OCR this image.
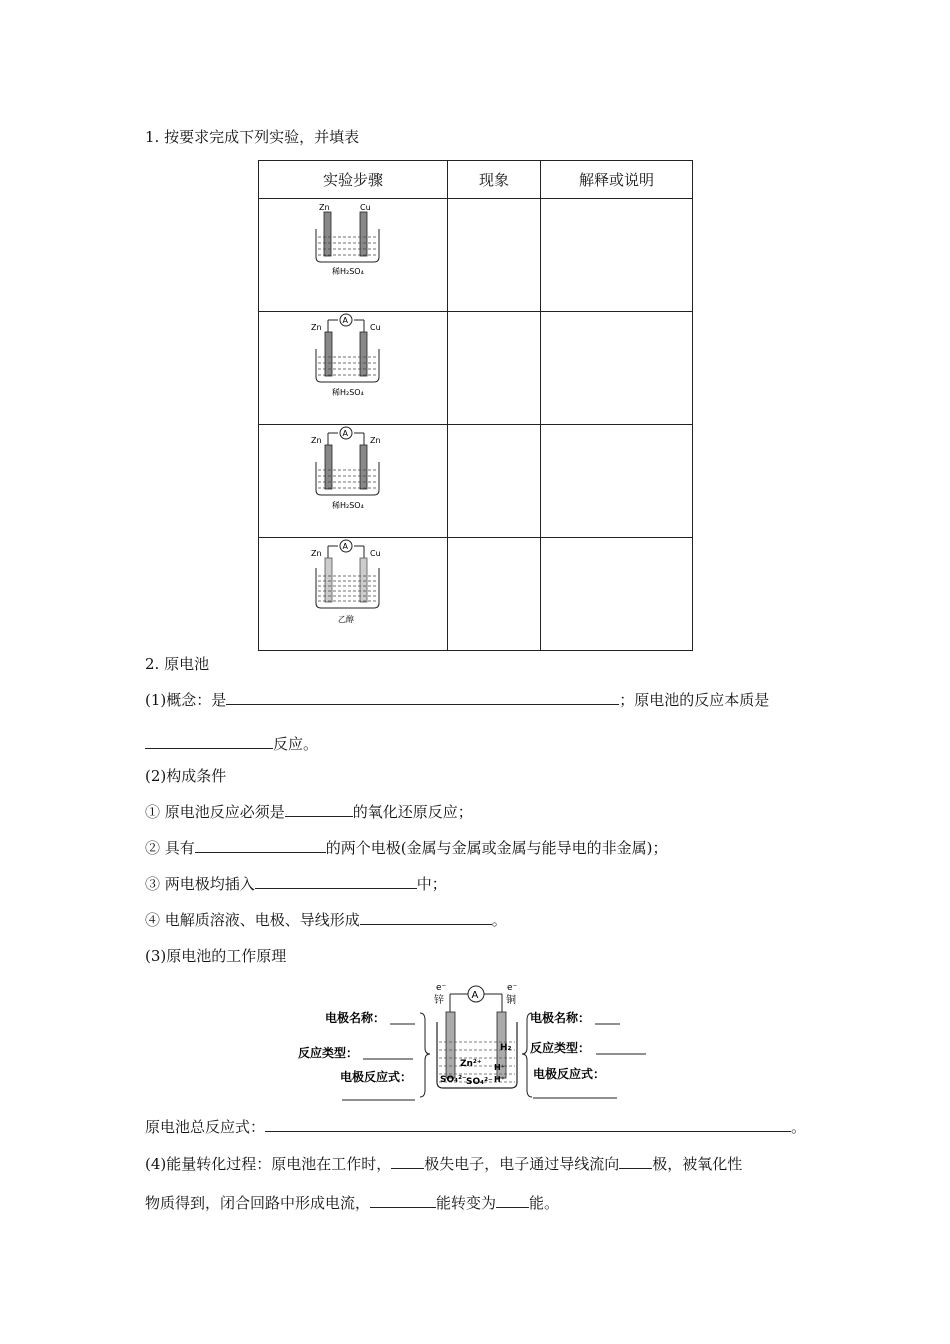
1. 按要求完成下列实验，并填表
实验步骤	现象	解释或说明

Zn Cu
稀H₂SO₄		

A
Zn Cu
稀H₂SO₄		

A
Zn Zn
稀H₂SO₄		

A
Zn Cu
乙醇		

2. 原电池
(1)概念：是	；原电池的反应本质是
反应。
(2)构成条件
① 原电池反应必须是	的氧化还原反应；
② 具有	的两个电极(金属与金属或金属与能导电的非金属)；
③ 两电极均插入	中；
④ 电解质溶液、电极、导线形成	。
(3)原电池的工作原理
电极名称：
反应类型：
电极反应式：
A
e⁻	e⁻
锌	铜
H₂
Zn²⁺
SO₄²⁻ SO₄²⁻
H⁺
H⁺
电极名称：
反应类型：
电极反应式：
原电池总反应式：	。
(4)能量转化过程：原电池在工作时， 极失电子，电子通过导线流向 极，被氧化性
物质得到，闭合回路中形成电流，	能转变为 能。
